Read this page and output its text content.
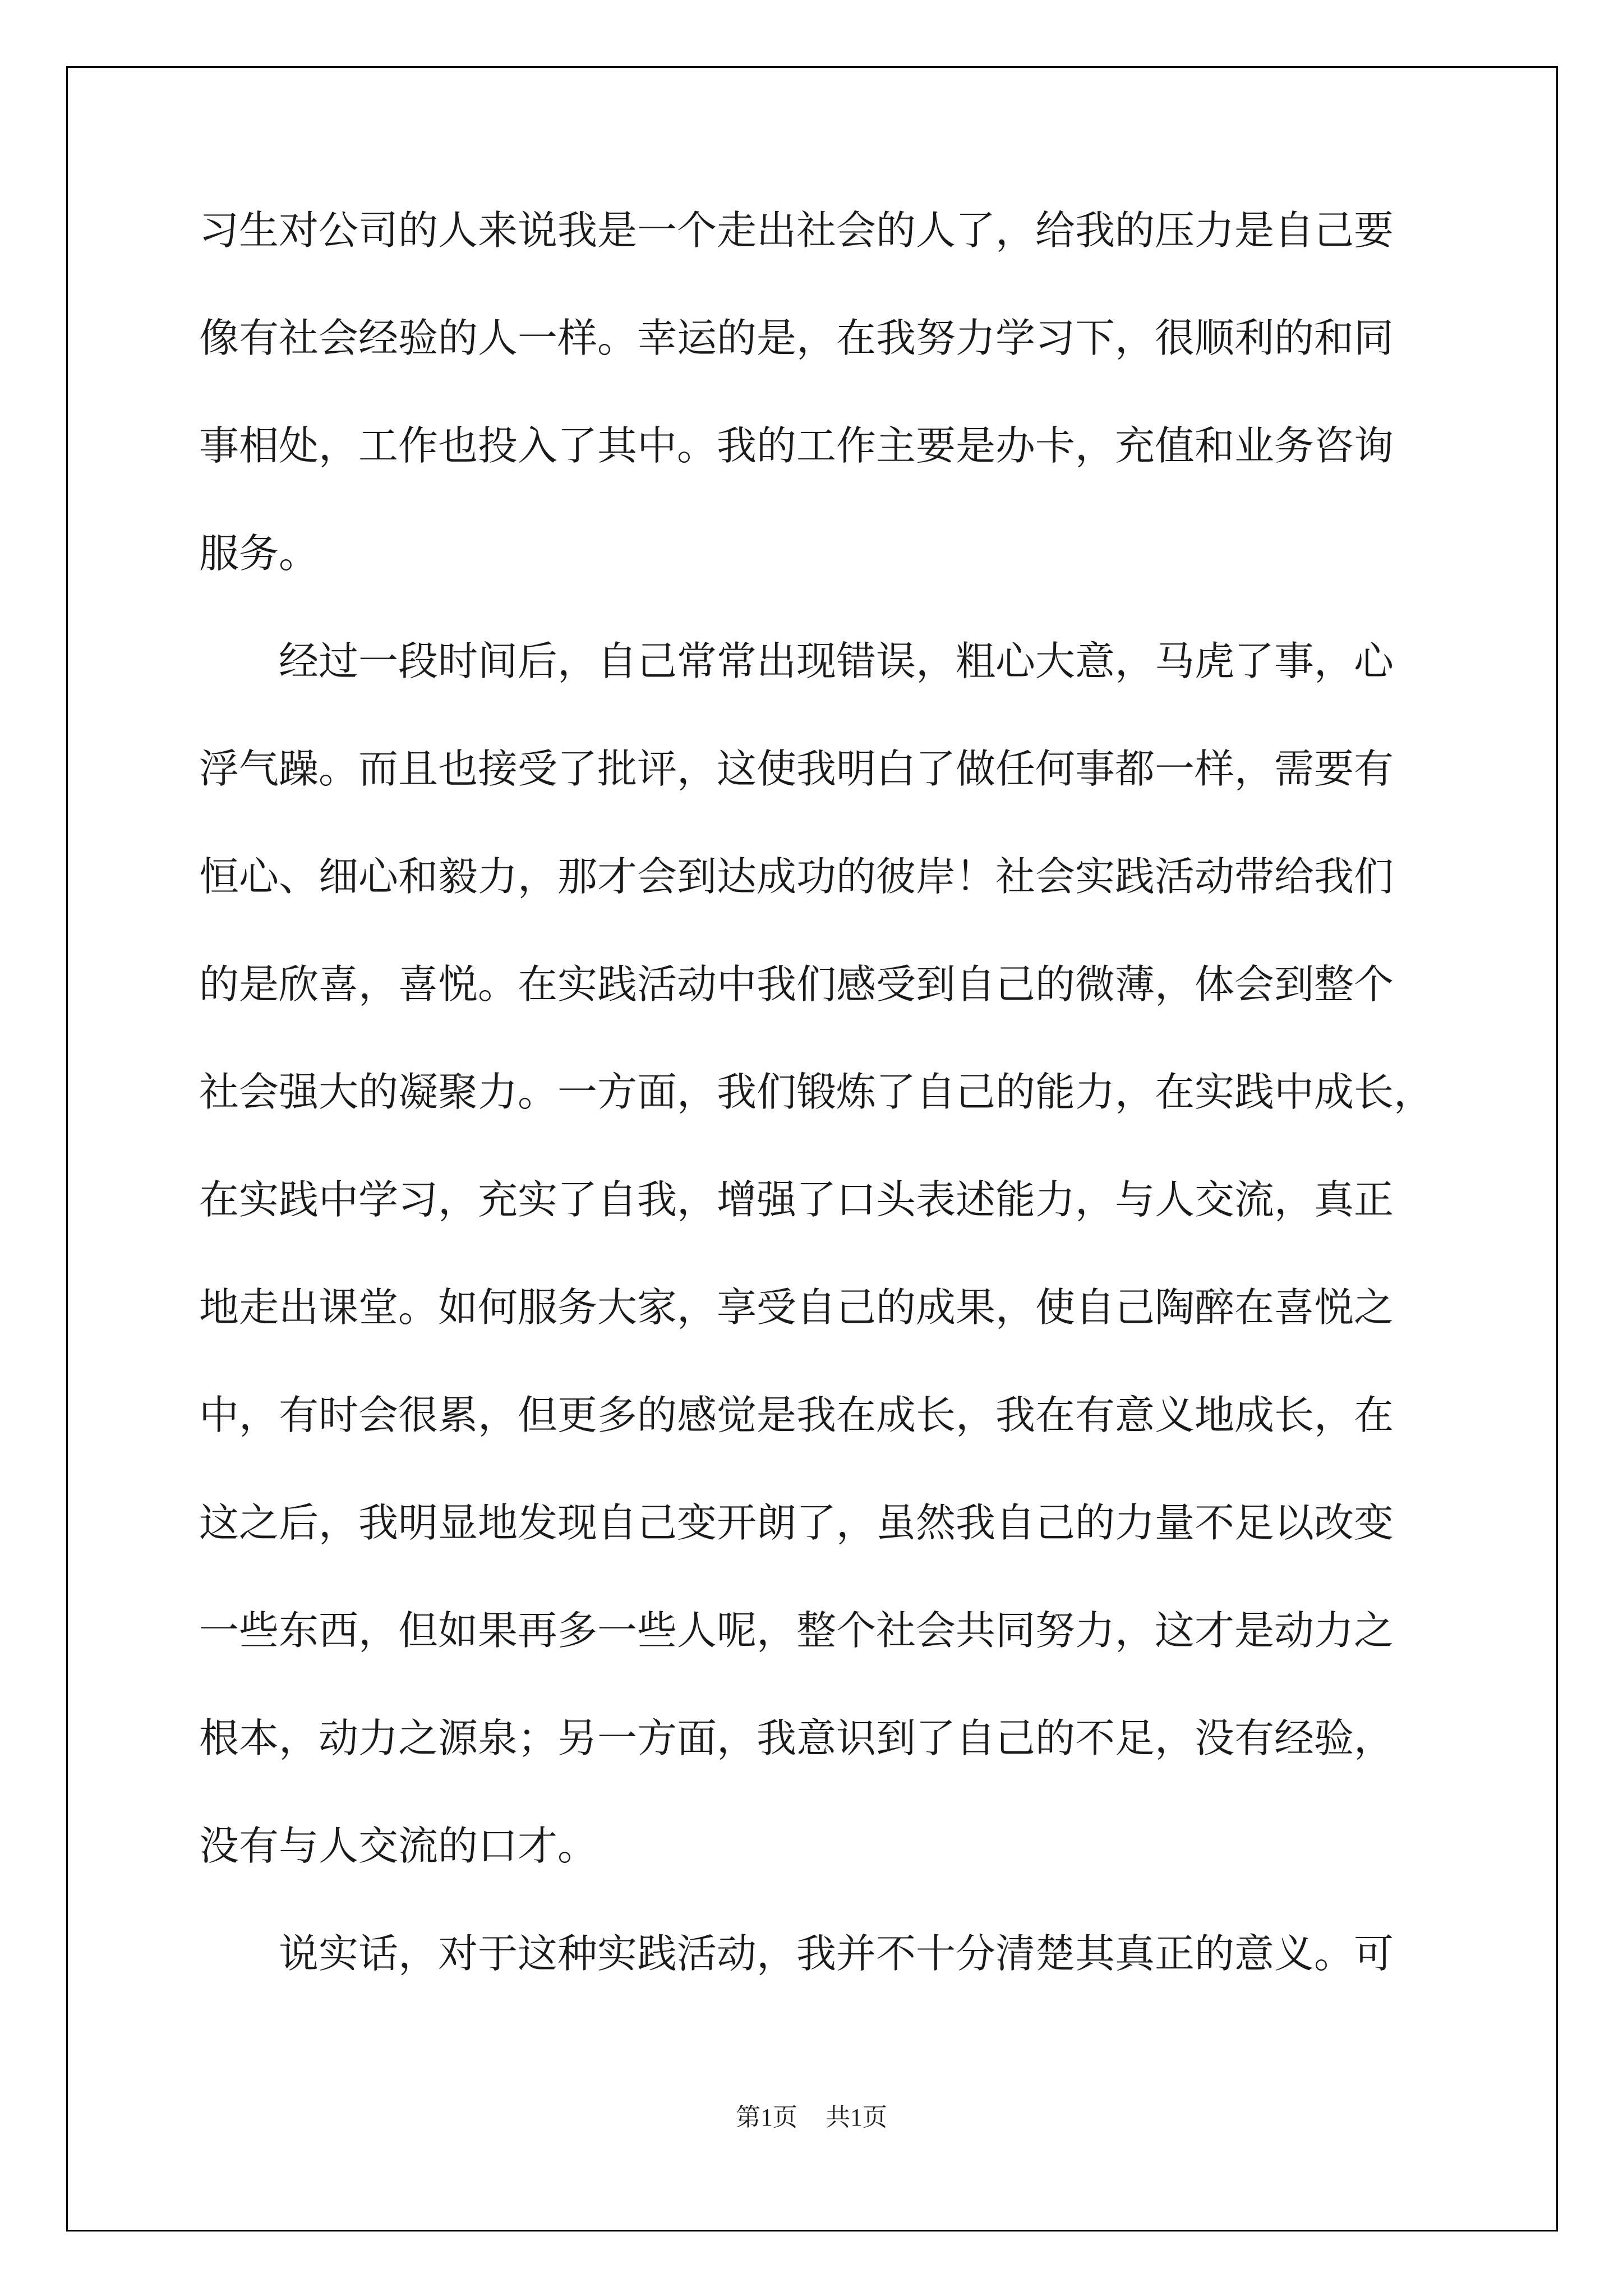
习生对公司的人来说我是一个走出社会的人了，给我的压力是自己要
像有社会经验的人一样。幸运的是，在我努力学习下，很顺利的和同
事相处，工作也投入了其中。我的工作主要是办卡，充值和业务咨询
服务。
经过一段时间后，自己常常出现错误，粗心大意，马虎了事，心
浮气躁。而且也接受了批评，这使我明白了做任何事都一样，需要有
恒心、细心和毅力，那才会到达成功的彼岸！社会实践活动带给我们
的是欣喜，喜悦。在实践活动中我们感受到自己的微薄，体会到整个
社会强大的凝聚力。一方面，我们锻炼了自己的能力，在实践中成长，
在实践中学习，充实了自我，增强了口头表述能力，与人交流，真正
地走出课堂。如何服务大家，享受自己的成果，使自己陶醉在喜悦之
中，有时会很累，但更多的感觉是我在成长，我在有意义地成长，在
这之后，我明显地发现自己变开朗了，虽然我自己的力量不足以改变
一些东西，但如果再多一些人呢，整个社会共同努力，这才是动力之
根本，动力之源泉；另一方面，我意识到了自己的不足，没有经验，
没有与人交流的口才。
说实话，对于这种实践活动，我并不十分清楚其真正的意义。可
第1页 共1页
